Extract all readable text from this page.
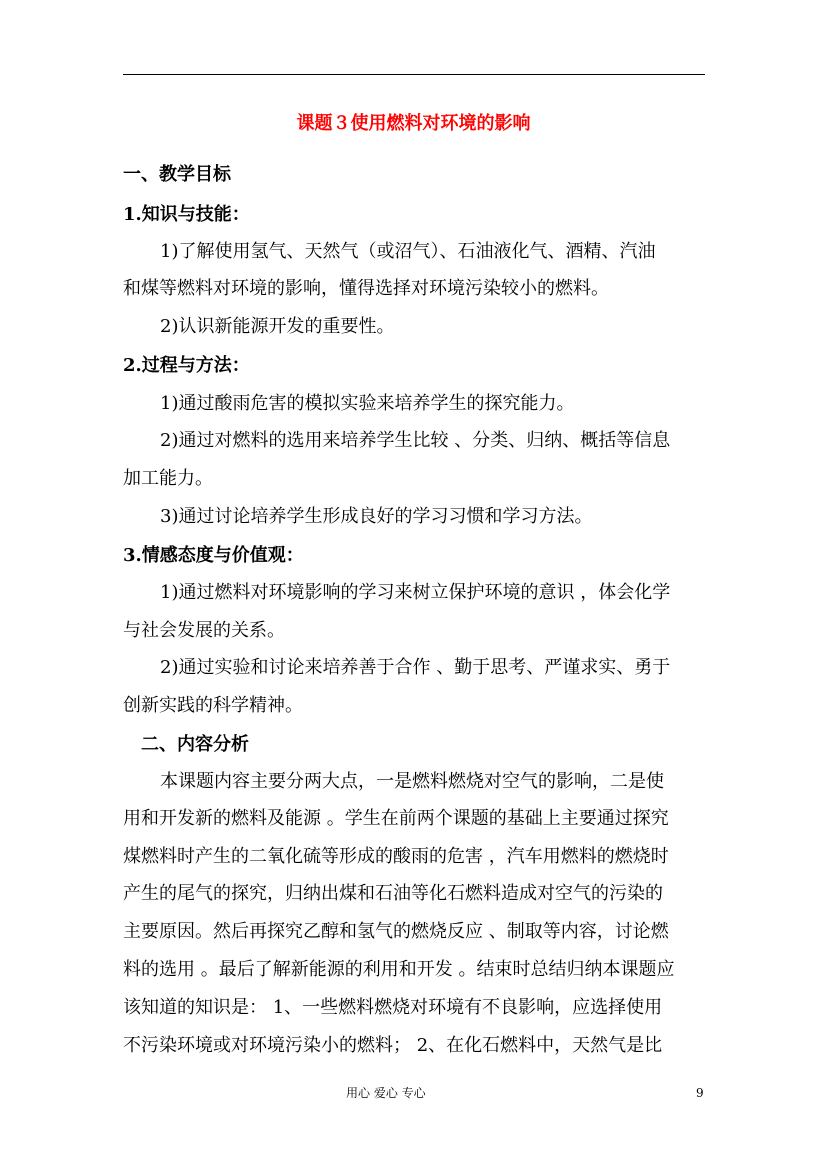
课题３使用燃料对环境的影响
一、教学目标
1.知识与技能：
1)了解使用氢气、天然气（或沼气）、石油液化气、酒精、汽油
和煤等燃料对环境的影响，懂得选择对环境污染较小的燃料。
2)认识新能源开发的重要性。
2.过程与方法：
1)通过酸雨危害的模拟实验来培养学生的探究能力。
2)通过对燃料的选用来培养学生比较 、分类、归纳、概括等信息
加工能力。
3)通过讨论培养学生形成良好的学习习惯和学习方法。
3.情感态度与价值观：
1)通过燃料对环境影响的学习来树立保护环境的意识 ，体会化学
与社会发展的关系。
2)通过实验和讨论来培养善于合作 、勤于思考、严谨求实、勇于
创新实践的科学精神。
二、内容分析
本课题内容主要分两大点，一是燃料燃烧对空气的影响，二是使
用和开发新的燃料及能源 。学生在前两个课题的基础上主要通过探究
煤燃料时产生的二氧化硫等形成的酸雨的危害 ，汽车用燃料的燃烧时
产生的尾气的探究，归纳出煤和石油等化石燃料造成对空气的污染的
主要原因。然后再探究乙醇和氢气的燃烧反应 、制取等内容，讨论燃
料的选用 。最后了解新能源的利用和开发 。结束时总结归纳本课题应
该知道的知识是： 1、一些燃料燃烧对环境有不良影响，应选择使用
不污染环境或对环境污染小的燃料； 2、在化石燃料中，天然气是比
用心 爱心 专心	9
